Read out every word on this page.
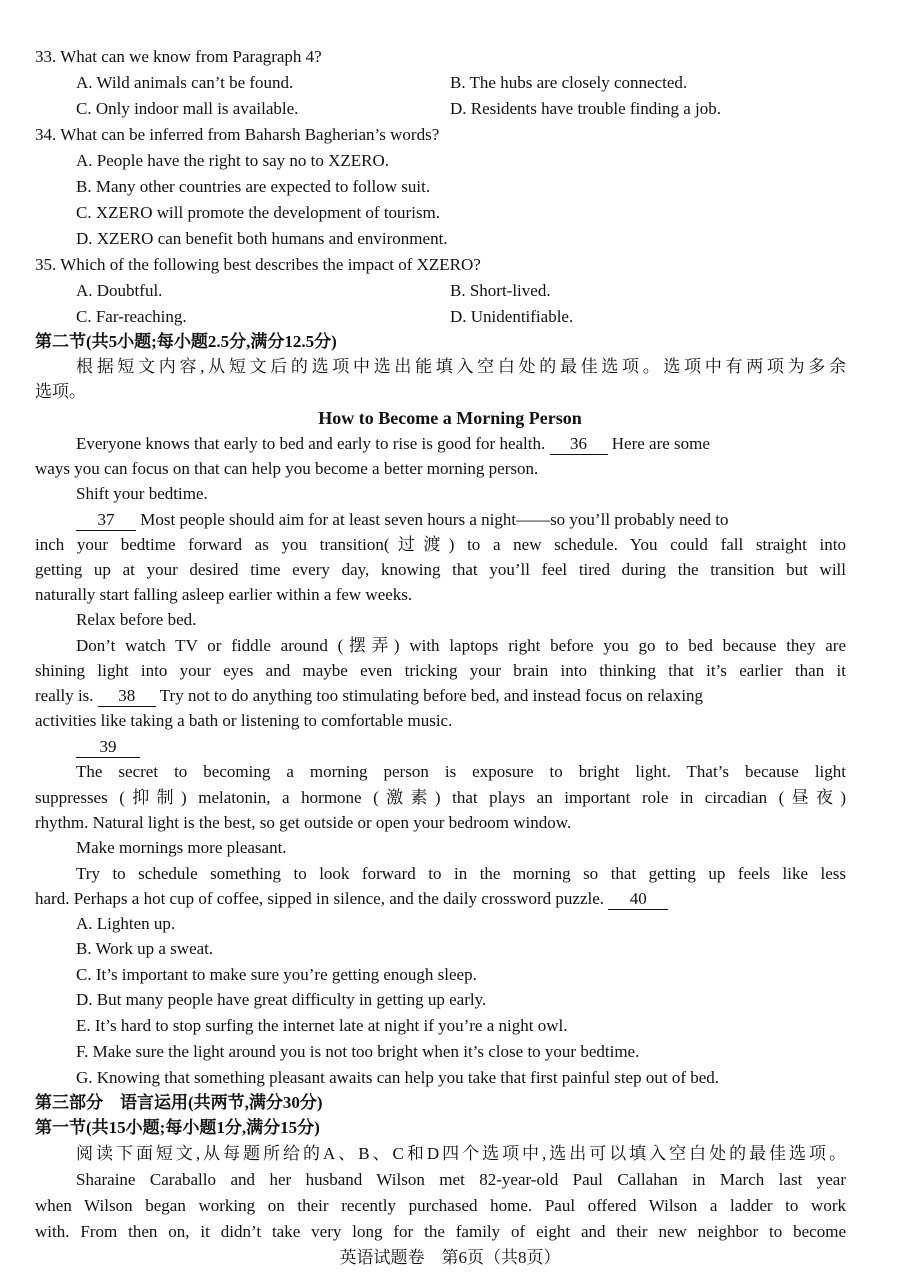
33. What can we know from Paragraph 4?
A. Wild animals can’t be found.	B. The hubs are closely connected.
C. Only indoor mall is available.	D. Residents have trouble finding a job.
34. What can be inferred from Baharsh Bagherian’s words?
A. People have the right to say no to XZERO.
B. Many other countries are expected to follow suit.
C. XZERO will promote the development of tourism.
D. XZERO can benefit both humans and environment.
35. Which of the following best describes the impact of XZERO?
A. Doubtful.	B. Short-lived.
C. Far-reaching.	D. Unidentifiable.
第二节(共5小题;每小题2.5分,满分12.5分)
根据短文内容,从短文后的选项中选出能填入空白处的最佳选项。选项中有两项为多余
选项。
How to Become a Morning Person
Everyone knows that early to bed and early to rise is good for health. 36 Here are some
ways you can focus on that can help you become a better morning person.
Shift your bedtime.
37 Most people should aim for at least seven hours a night——so you’ll probably need to
inch your bedtime forward as you transition(过渡) to a new schedule. You could fall straight into
getting up at your desired time every day, knowing that you’ll feel tired during the transition but will
naturally start falling asleep earlier within a few weeks.
Relax before bed.
Don’t watch TV or fiddle around (摆弄) with laptops right before you go to bed because they are
shining light into your eyes and maybe even tricking your brain into thinking that it’s earlier than it
really is. 38 Try not to do anything too stimulating before bed, and instead focus on relaxing
activities like taking a bath or listening to comfortable music.
39
The secret to becoming a morning person is exposure to bright light. That’s because light
suppresses (抑制) melatonin, a hormone (激素) that plays an important role in circadian (昼夜)
rhythm. Natural light is the best, so get outside or open your bedroom window.
Make mornings more pleasant.
Try to schedule something to look forward to in the morning so that getting up feels like less
hard. Perhaps a hot cup of coffee, sipped in silence, and the daily crossword puzzle. 40
A. Lighten up.
B. Work up a sweat.
C. It’s important to make sure you’re getting enough sleep.
D. But many people have great difficulty in getting up early.
E. It’s hard to stop surfing the internet late at night if you’re a night owl.
F. Make sure the light around you is not too bright when it’s close to your bedtime.
G. Knowing that something pleasant awaits can help you take that first painful step out of bed.
第三部分　语言运用(共两节,满分30分)
第一节(共15小题;每小题1分,满分15分)
阅读下面短文,从每题所给的A、B、C和D四个选项中,选出可以填入空白处的最佳选项。
Sharaine Caraballo and her husband Wilson met 82-year-old Paul Callahan in March last year
when Wilson began working on their recently purchased home. Paul offered Wilson a ladder to work
with. From then on, it didn’t take very long for the family of eight and their new neighbor to become
英语试题卷　第6页（共8页）
